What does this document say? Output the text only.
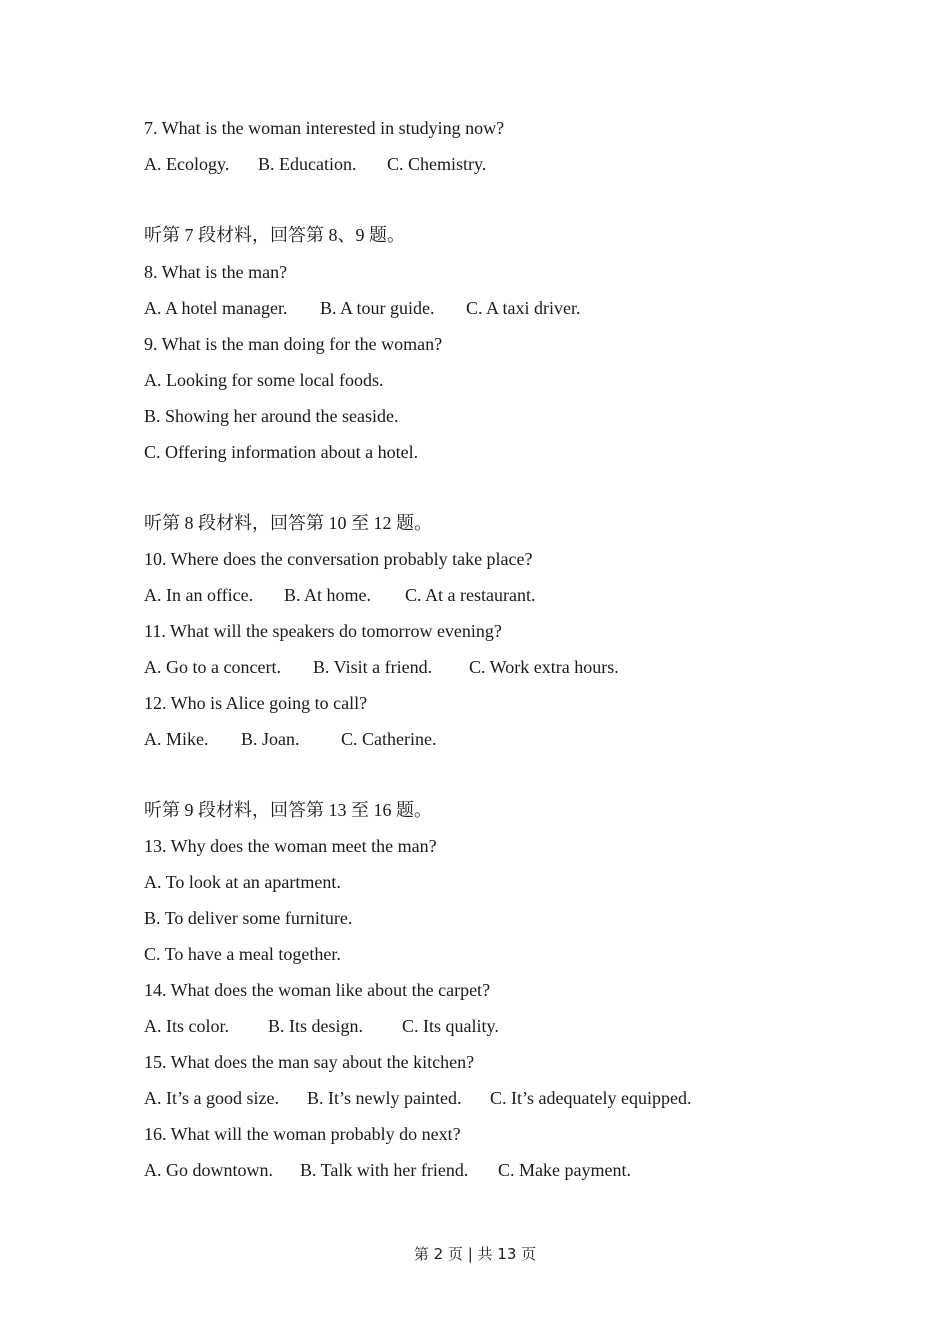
7. What is the woman interested in studying now?

A. Ecology.

B. Education.

C. Chemistry.

听第 7 段材料，回答第 8、9 题。
8. What is the man?

A. A hotel manager.

B. A tour guide.

C. A taxi driver.

9. What is the man doing for the woman?
A. Looking for some local foods.
B. Showing her around the seaside.
C. Offering information about a hotel.
听第 8 段材料，回答第 10 至 12 题。
10. Where does the conversation probably take place?

A. In an office.

B. At home.

C. At a restaurant.

11. What will the speakers do tomorrow evening?

A. Go to a concert.

B. Visit a friend.

C. Work extra hours.

12. Who is Alice going to call?

A. Mike.

B. Joan.

C. Catherine.

听第 9 段材料，回答第 13 至 16 题。
13. Why does the woman meet the man?
A. To look at an apartment.
B. To deliver some furniture.
C. To have a meal together.
14. What does the woman like about the carpet?

A. Its color.

B. Its design.

C. Its quality.

15. What does the man say about the kitchen?

A. It’s a good size.

B. It’s newly painted.

C. It’s adequately equipped.

16. What will the woman probably do next?

A. Go downtown.

B. Talk with her friend.

C. Make payment.

第 2 页 | 共 13 页
